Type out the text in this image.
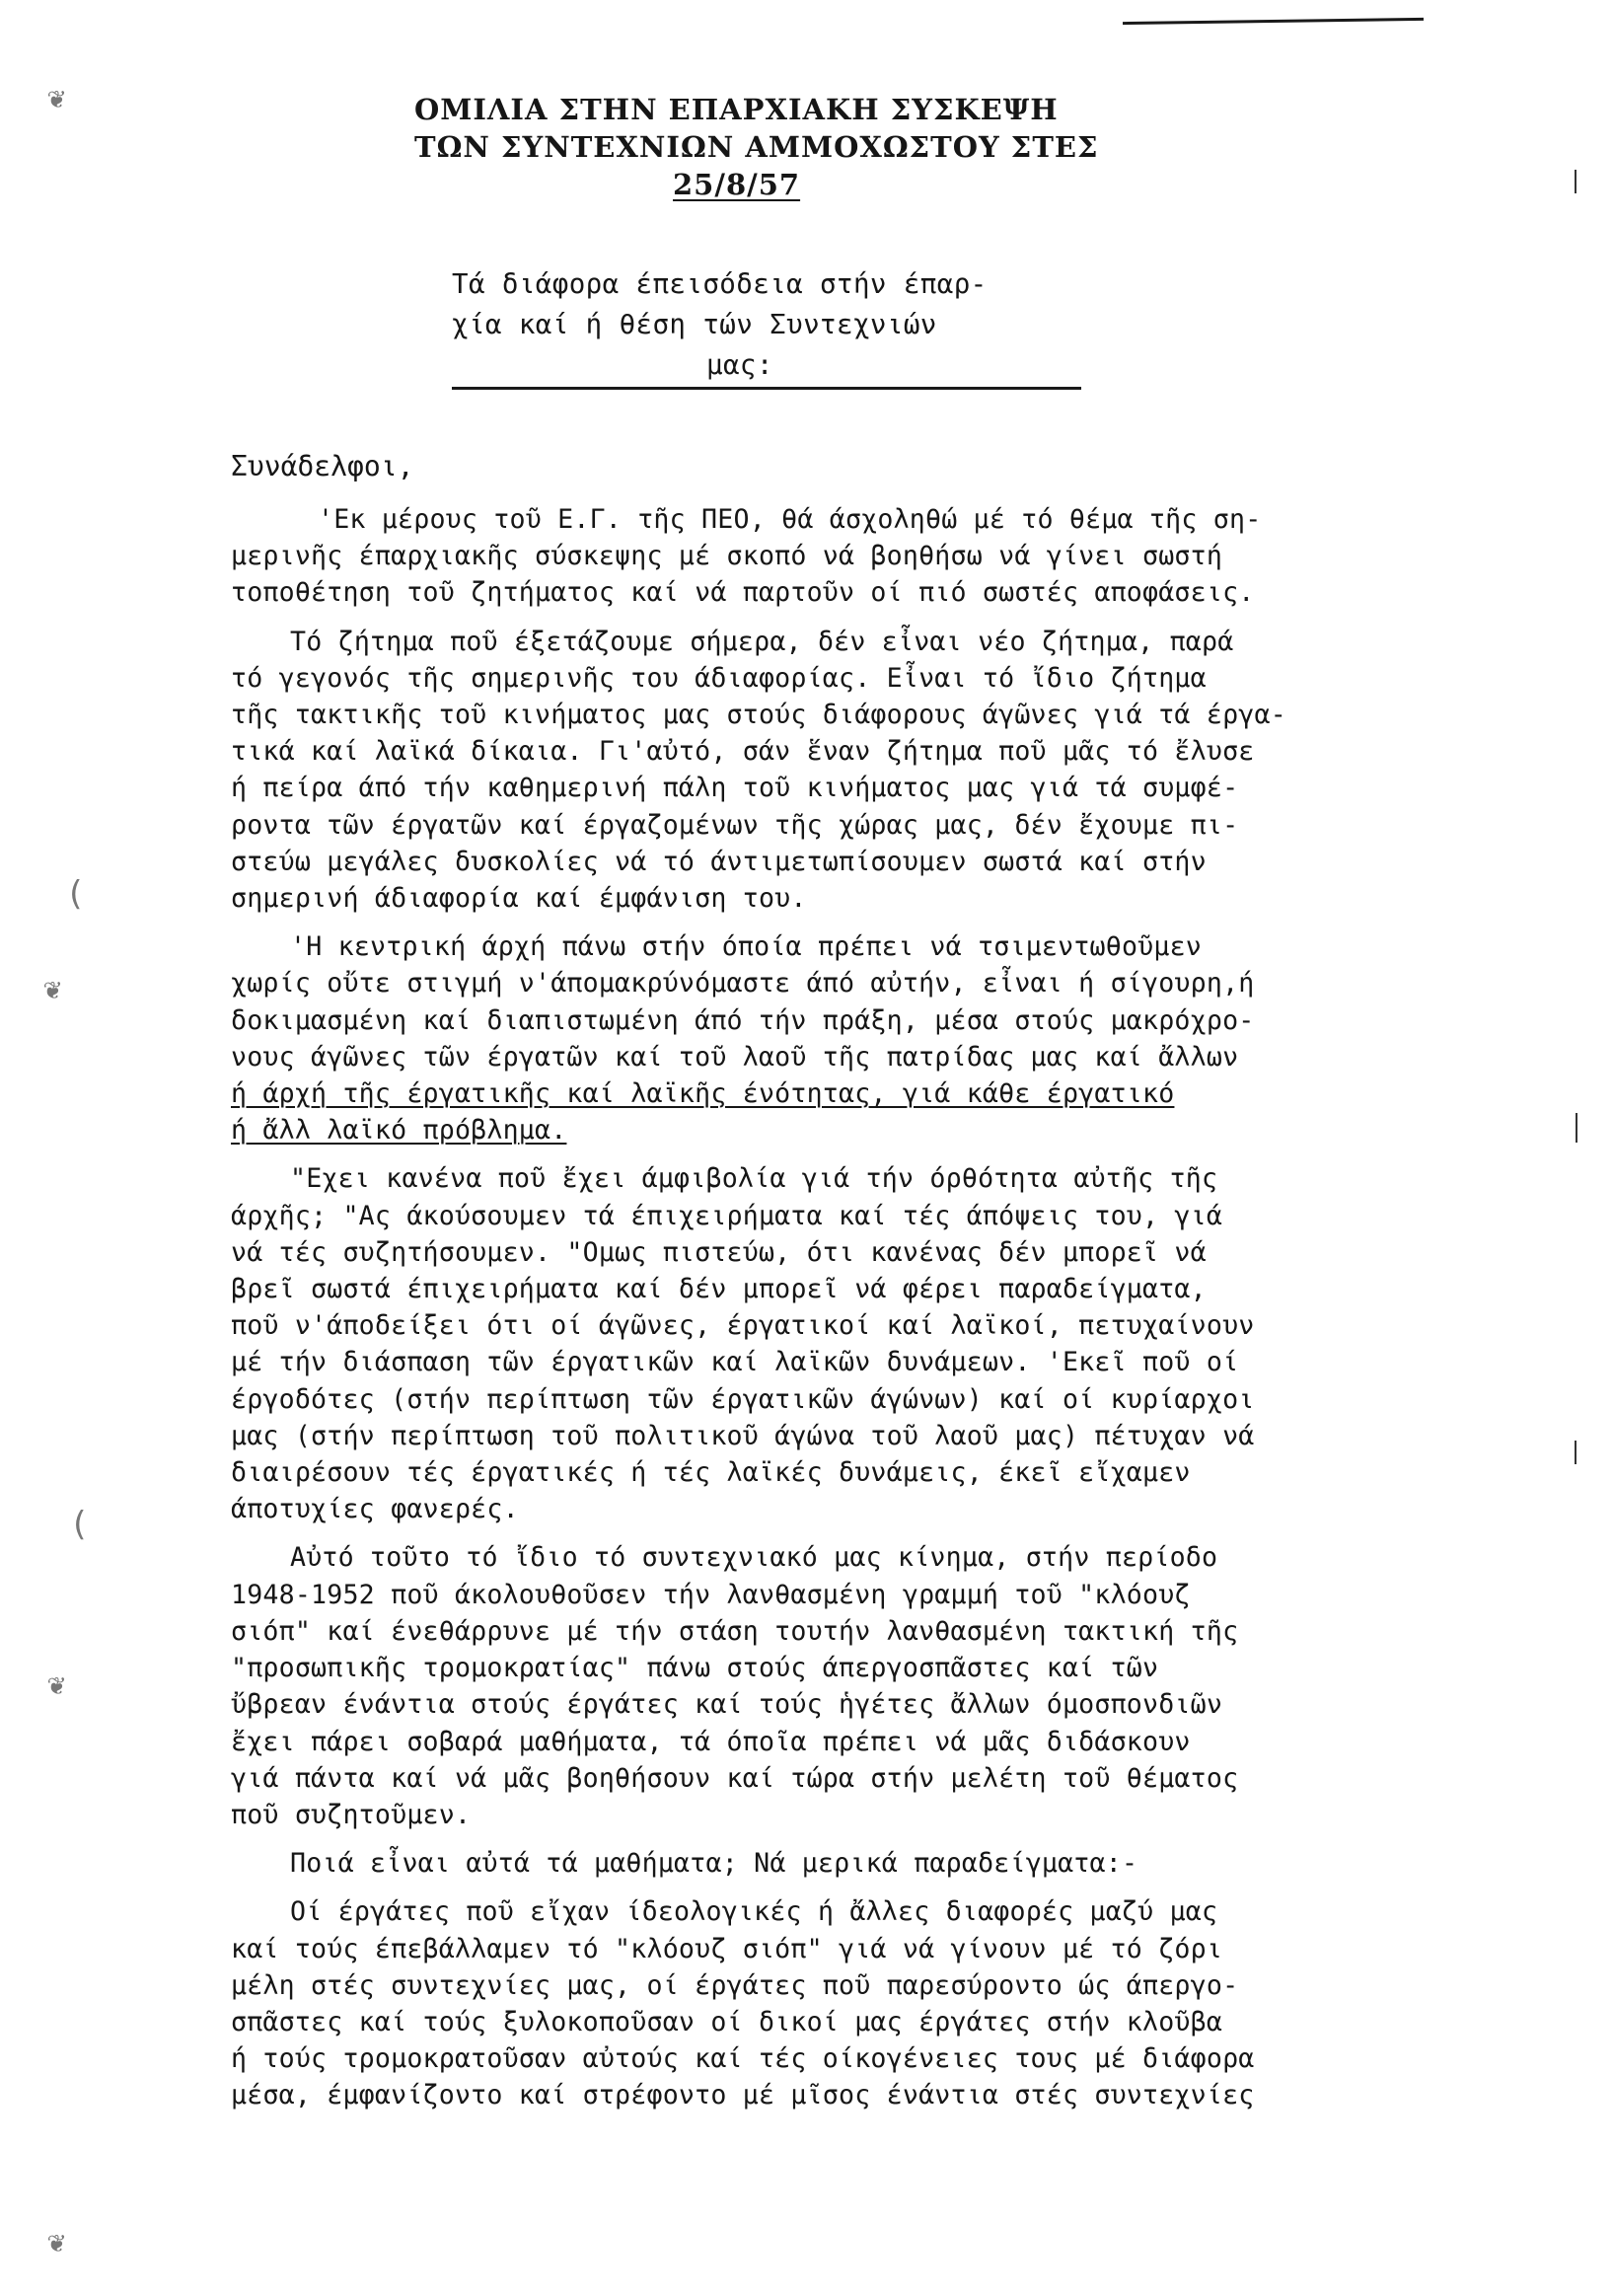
❦
(
❦
(
❦
❦
ΟΜΙΛΙΑ ΣΤΗΝ ΕΠΑΡΧΙΑΚΗ ΣΥΣΚΕΨΗ
ΤΩΝ ΣΥΝΤΕΧΝΙΩΝ ΑΜΜΟΧΩΣΤΟΥ ΣΤΕΣ
25/8/57
Τά διάφορα έπεισόδεια στήν έπαρ-
χία καί ή θέση τών Συντεχνιών
μας:
Συνάδελφοι,
'Εκ μέρους τοῦ Ε.Γ. τῆς ΠΕΟ, θά άσχοληθώ μέ τό θέμα τῆς ση-
μερινῆς έπαρχιακῆς σύσκεψης μέ σκοπό νά βοηθήσω νά γίνει σωστή
τοποθέτηση τοῦ ζητήματος καί νά παρτοῦν οί πιό σωστές αποφάσεις.
Τό ζήτημα ποῦ έξετάζουμε σήμερα, δέν εἶναι νέο ζήτημα, παρά
τό γεγονός τῆς σημερινῆς του άδιαφορίας. Εἶναι τό ἴδιο ζήτημα
τῆς τακτικῆς τοῦ κινήματος μας στούς διάφορους άγῶνες γιά τά έργα-
τικά καί λαϊκά δίκαια. Γι'αὐτό, σάν ἕναν ζήτημα ποῦ μᾶς τό ἔλυσε
ή πείρα άπό τήν καθημερινή πάλη τοῦ κινήματος μας γιά τά συμφέ-
ροντα τῶν έργατῶν καί έργαζομένων τῆς χώρας μας, δέν ἔχουμε πι-
στεύω μεγάλες δυσκολίες νά τό άντιμετωπίσουμεν σωστά καί στήν
σημερινή άδιαφορία καί έμφάνιση του.
'Η κεντρική άρχή πάνω στήν όποία πρέπει νά τσιμεντωθοῦμεν
χωρίς οὔτε στιγμή ν'άπομακρύνόμαστε άπό αὐτήν, εἶναι ή σίγουρη,ή
δοκιμασμένη καί διαπιστωμένη άπό τήν πράξη, μέσα στούς μακρόχρο-
νους άγῶνες τῶν έργατῶν καί τοῦ λαοῦ τῆς πατρίδας μας καί ἄλλων
ή άρχή τῆς έργατικῆς καί λαϊκῆς ένότητας, γιά κάθε έργατικό
ή ἄλλ λαϊκό πρόβλημα.
"Εχει κανένα ποῦ ἔχει άμφιβολία γιά τήν όρθότητα αὐτῆς τῆς
άρχῆς; "Ας άκούσουμεν τά έπιχειρήματα καί τές άπόψεις του, γιά
νά τές συζητήσουμεν. "Ομως πιστεύω, ότι κανένας δέν μπορεῖ νά
βρεῖ σωστά έπιχειρήματα καί δέν μπορεῖ νά φέρει παραδείγματα,
ποῦ ν'άποδείξει ότι οί άγῶνες, έργατικοί καί λαϊκοί, πετυχαίνουν
μέ τήν διάσπαση τῶν έργατικῶν καί λαϊκῶν δυνάμεων. 'Εκεῖ ποῦ οί
έργοδότες (στήν περίπτωση τῶν έργατικῶν άγώνων) καί οί κυρίαρχοι
μας (στήν περίπτωση τοῦ πολιτικοῦ άγώνα τοῦ λαοῦ μας) πέτυχαν νά
διαιρέσουν τές έργατικές ή τές λαϊκές δυνάμεις, έκεῖ εἴχαμεν
άποτυχίες φανερές.
Αὐτό τοῦτο τό ἴδιο τό συντεχνιακό μας κίνημα, στήν περίοδο
1948-1952 ποῦ άκολουθοῦσεν τήν λανθασμένη γραμμή τοῦ "κλόουζ
σιόπ" καί ένεθάρρυνε μέ τήν στάση τουτήν λανθασμένη τακτική τῆς
"προσωπικῆς τρομοκρατίας" πάνω στούς άπεργοσπᾶστες καί τῶν
ὔβρεαν ένάντια στούς έργάτες καί τούς ἡγέτες ἄλλων όμοσπονδιῶν
ἔχει πάρει σοβαρά μαθήματα, τά όποῖα πρέπει νά μᾶς διδάσκουν
γιά πάντα καί νά μᾶς βοηθήσουν καί τώρα στήν μελέτη τοῦ θέματος
ποῦ συζητοῦμεν.
Ποιά εἶναι αὐτά τά μαθήματα; Νά μερικά παραδείγματα:-
Οί έργάτες ποῦ εἴχαν ίδεολογικές ή ἄλλες διαφορές μαζύ μας
καί τούς έπεβάλλαμεν τό "κλόουζ σιόπ" γιά νά γίνουν μέ τό ζόρι
μέλη στές συντεχνίες μας, οί έργάτες ποῦ παρεσύροντο ώς άπεργο-
σπᾶστες καί τούς ξυλοκοποῦσαν οί δικοί μας έργάτες στήν κλοῦβα
ή τούς τρομοκρατοῦσαν αὐτούς καί τές οίκογένειες τους μέ διάφορα
μέσα, έμφανίζοντο καί στρέφοντο μέ μῖσος ένάντια στές συντεχνίες
